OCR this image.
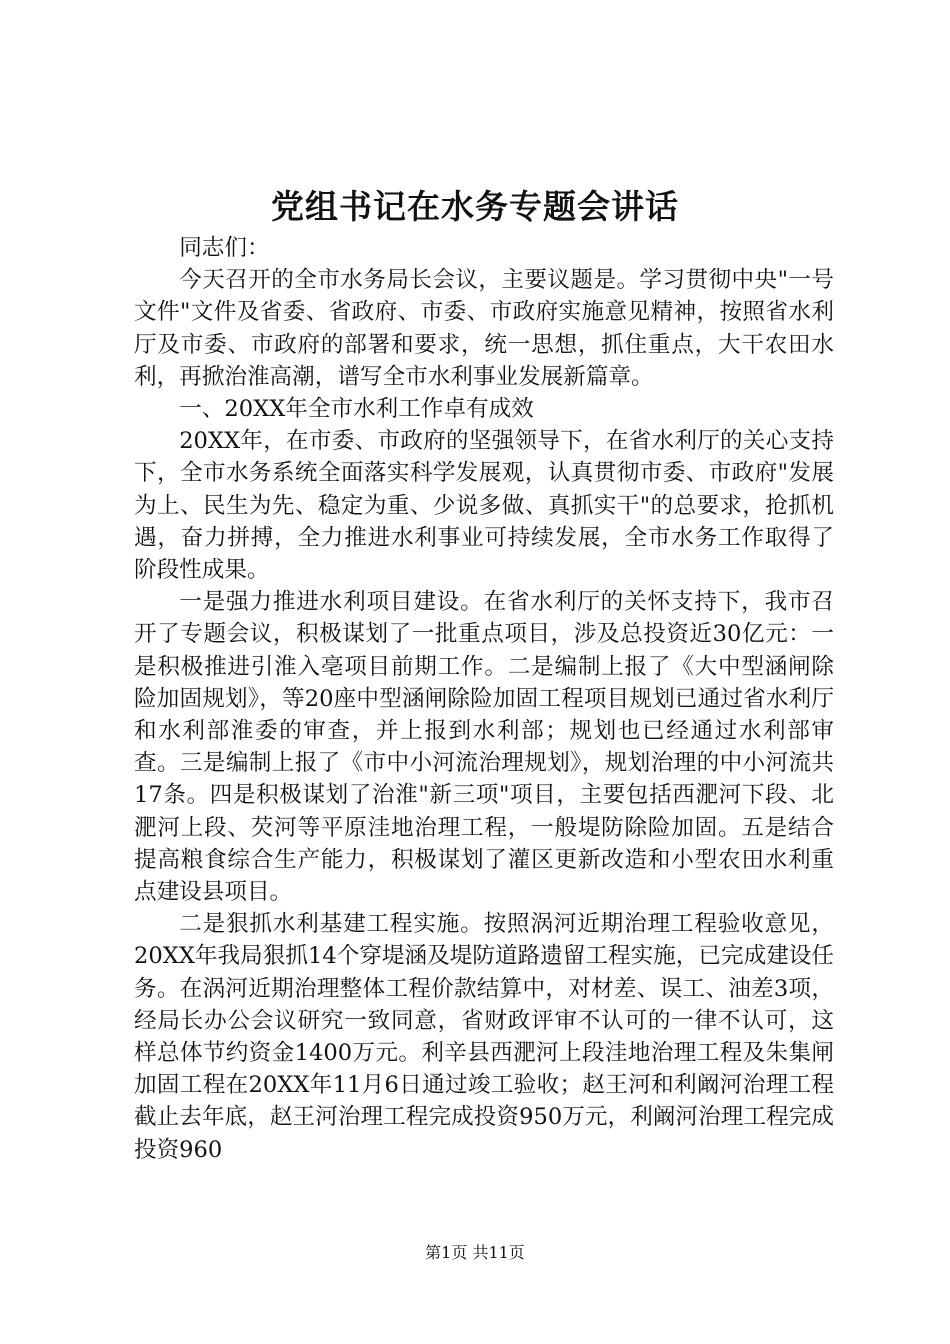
党组书记在水务专题会讲话

同志们：

今天召开的全市水务局长会议，主要议题是。学习贯彻中央"一号文件"文件及省委、省政府、市委、市政府实施意见精神，按照省水利厅及市委、市政府的部署和要求，统一思想，抓住重点，大干农田水利，再掀治淮高潮，谱写全市水利事业发展新篇章。

一、20XX年全市水利工作卓有成效

20XX年，在市委、市政府的坚强领导下，在省水利厅的关心支持下，全市水务系统全面落实科学发展观，认真贯彻市委、市政府"发展为上、民生为先、稳定为重、少说多做、真抓实干"的总要求，抢抓机遇，奋力拼搏，全力推进水利事业可持续发展，全市水务工作取得了阶段性成果。

一是强力推进水利项目建设。在省水利厅的关怀支持下，我市召开了专题会议，积极谋划了一批重点项目，涉及总投资近30亿元：一是积极推进引淮入亳项目前期工作。二是编制上报了《大中型涵闸除险加固规划》，等20座中型涵闸除险加固工程项目规划已通过省水利厅和水利部淮委的审查，并上报到水利部；规划也已经通过水利部审查。三是编制上报了《市中小河流治理规划》，规划治理的中小河流共17条。四是积极谋划了治淮"新三项"项目，主要包括西淝河下段、北淝河上段、芡河等平原洼地治理工程，一般堤防除险加固。五是结合提高粮食综合生产能力，积极谋划了灌区更新改造和小型农田水利重点建设县项目。

二是狠抓水利基建工程实施。按照涡河近期治理工程验收意见，20XX年我局狠抓14个穿堤涵及堤防道路遗留工程实施，已完成建设任务。在涡河近期治理整体工程价款结算中，对材差、误工、油差3项，经局长办公会议研究一致同意，省财政评审不认可的一律不认可，这样总体节约资金1400万元。利辛县西淝河上段洼地治理工程及朱集闸加固工程在20XX年11月6日通过竣工验收；赵王河和利阚河治理工程截止去年底，赵王河治理工程完成投资950万元，利阚河治理工程完成投资960

第1页 共11页
